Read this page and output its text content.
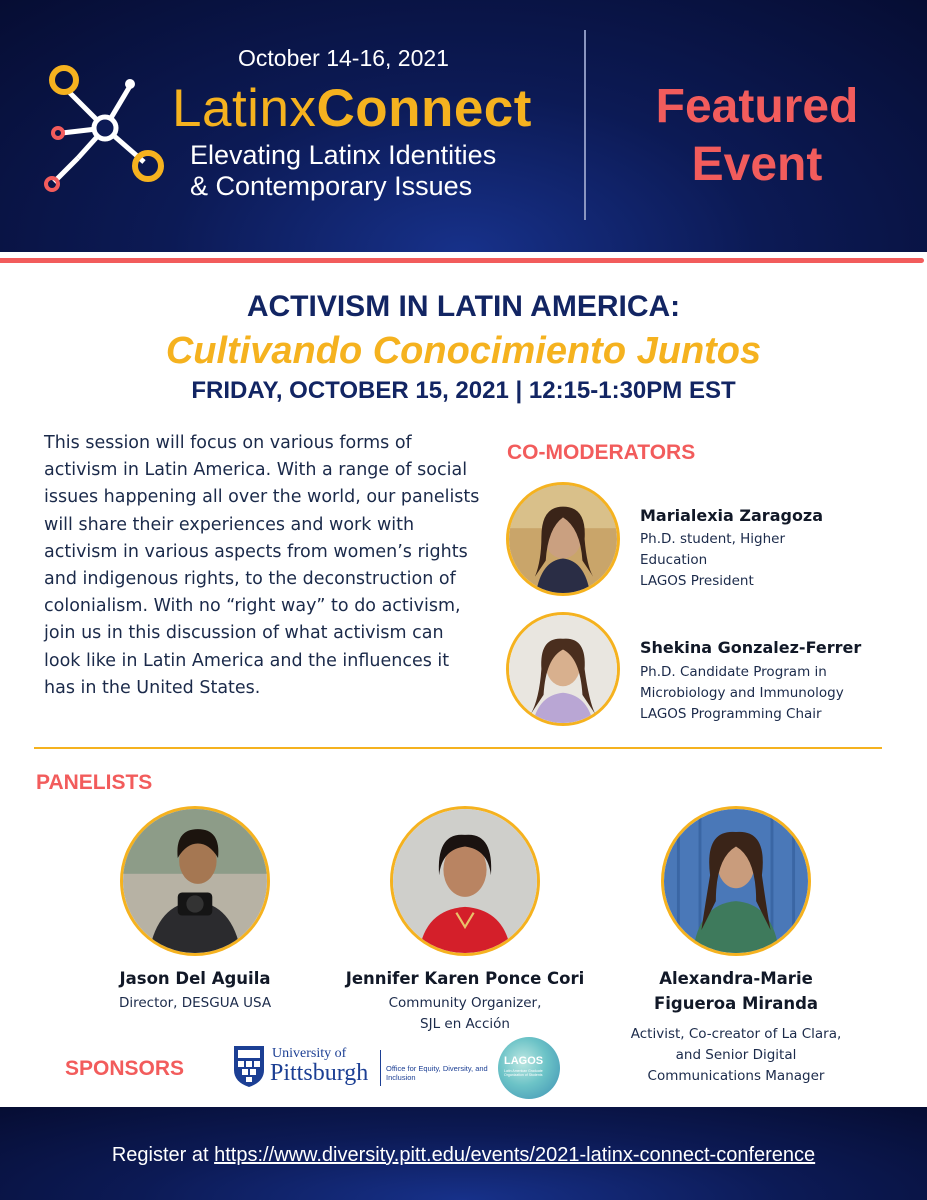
October 14-16, 2021
LatinxConnect
Elevating Latinx Identities
& Contemporary Issues
Featured
Event
ACTIVISM IN LATIN AMERICA:
Cultivando Conocimiento Juntos
FRIDAY, OCTOBER 15, 2021 | 12:15-1:30PM EST
This session will focus on various forms of activism in Latin America. With a range of social issues happening all over the world, our panelists will share their experiences and work with activism in various aspects from women’s rights and indigenous rights, to the deconstruction of colonialism. With no “right way” to do activism, join us in this discussion of what activism can look like in Latin America and the influences it has in the United States.
CO-MODERATORS
Marialexia Zaragoza
Ph.D. student, Higher
Education
LAGOS President
Shekina Gonzalez-Ferrer
Ph.D. Candidate Program in
Microbiology and Immunology
LAGOS Programming Chair
PANELISTS
Jason Del Aguila
Director, DESGUA USA
Jennifer Karen Ponce Cori
Community Organizer,
SJL en Acción
Alexandra-Marie
Figueroa Miranda
Activist, Co-creator of La Clara,
and Senior Digital
Communications Manager
SPONSORS
University of
Pittsburgh Office for Equity, Diversity, and Inclusion
LAGOS
Latin American Graduate Organization of Students
Register at https://www.diversity.pitt.edu/events/2021-latinx-connect-conference
